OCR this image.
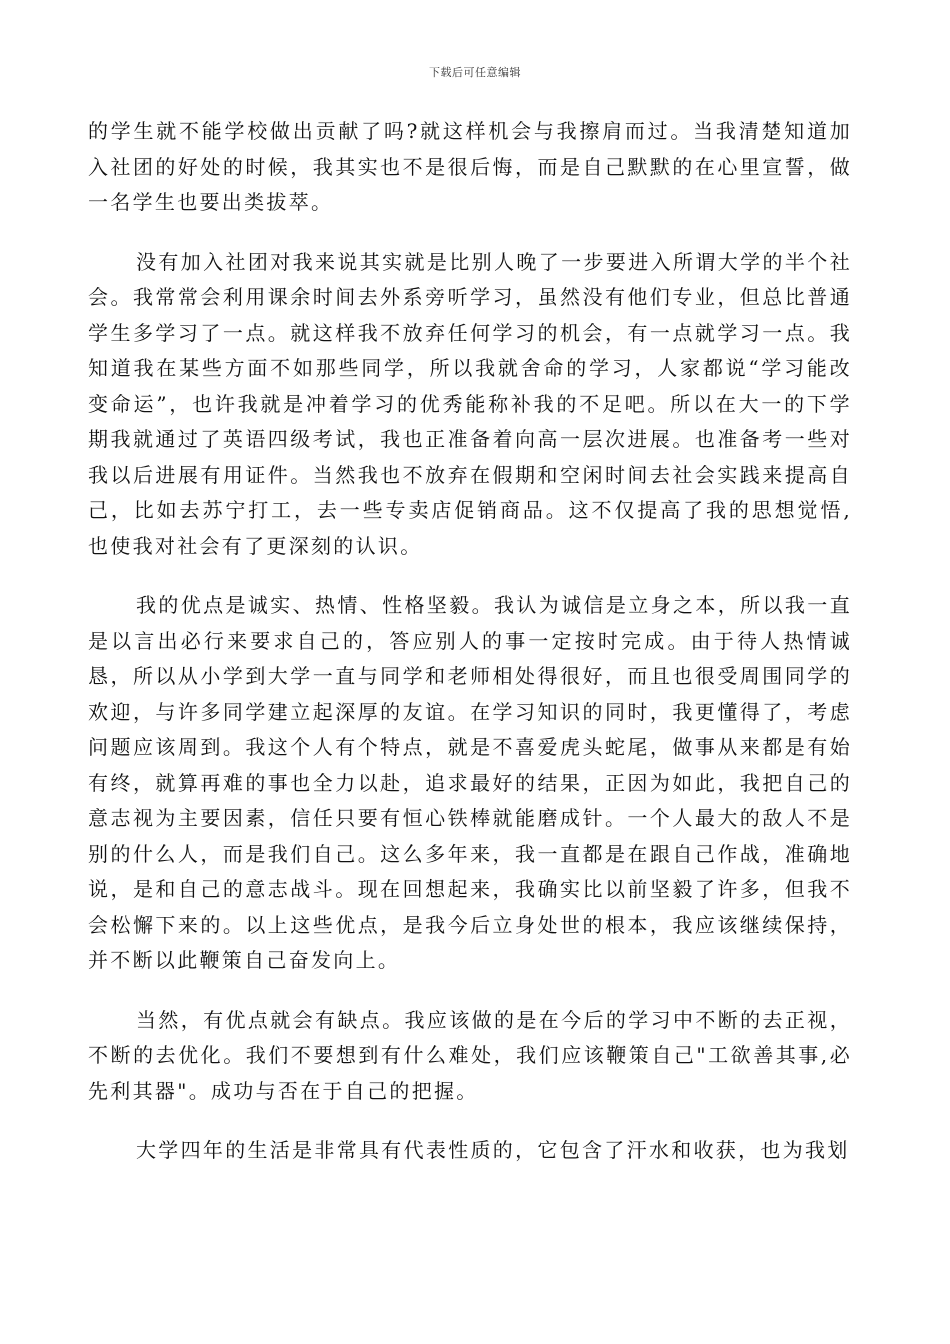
下载后可任意编辑

的学生就不能学校做出贡献了吗?就这样机会与我擦肩而过。当我清楚知道加入社团的好处的时候，我其实也不是很后悔，而是自己默默的在心里宣誓，做一名学生也要出类拔萃。

没有加入社团对我来说其实就是比别人晚了一步要进入所谓大学的半个社会。我常常会利用课余时间去外系旁听学习，虽然没有他们专业，但总比普通学生多学习了一点。就这样我不放弃任何学习的机会，有一点就学习一点。我知道我在某些方面不如那些同学，所以我就舍命的学习，人家都说“学习能改变命运”，也许我就是冲着学习的优秀能称补我的不足吧。所以在大一的下学期我就通过了英语四级考试，我也正准备着向高一层次进展。也准备考一些对我以后进展有用证件。当然我也不放弃在假期和空闲时间去社会实践来提高自己，比如去苏宁打工，去一些专卖店促销商品。这不仅提高了我的思想觉悟,也使我对社会有了更深刻的认识。

我的优点是诚实、热情、性格坚毅。我认为诚信是立身之本，所以我一直是以言出必行来要求自己的，答应别人的事一定按时完成。由于待人热情诚恳，所以从小学到大学一直与同学和老师相处得很好，而且也很受周围同学的欢迎，与许多同学建立起深厚的友谊。在学习知识的同时，我更懂得了，考虑问题应该周到。我这个人有个特点，就是不喜爱虎头蛇尾，做事从来都是有始有终，就算再难的事也全力以赴，追求最好的结果，正因为如此，我把自己的意志视为主要因素，信任只要有恒心铁棒就能磨成针。一个人最大的敌人不是别的什么人，而是我们自己。这么多年来，我一直都是在跟自己作战，准确地说，是和自己的意志战斗。现在回想起来，我确实比以前坚毅了许多，但我不会松懈下来的。以上这些优点，是我今后立身处世的根本，我应该继续保持，并不断以此鞭策自己奋发向上。

当然，有优点就会有缺点。我应该做的是在今后的学习中不断的去正视，不断的去优化。我们不要想到有什么难处，我们应该鞭策自己"工欲善其事,必先利其器"。成功与否在于自己的把握。

大学四年的生活是非常具有代表性质的，它包含了汗水和收获，也为我划
